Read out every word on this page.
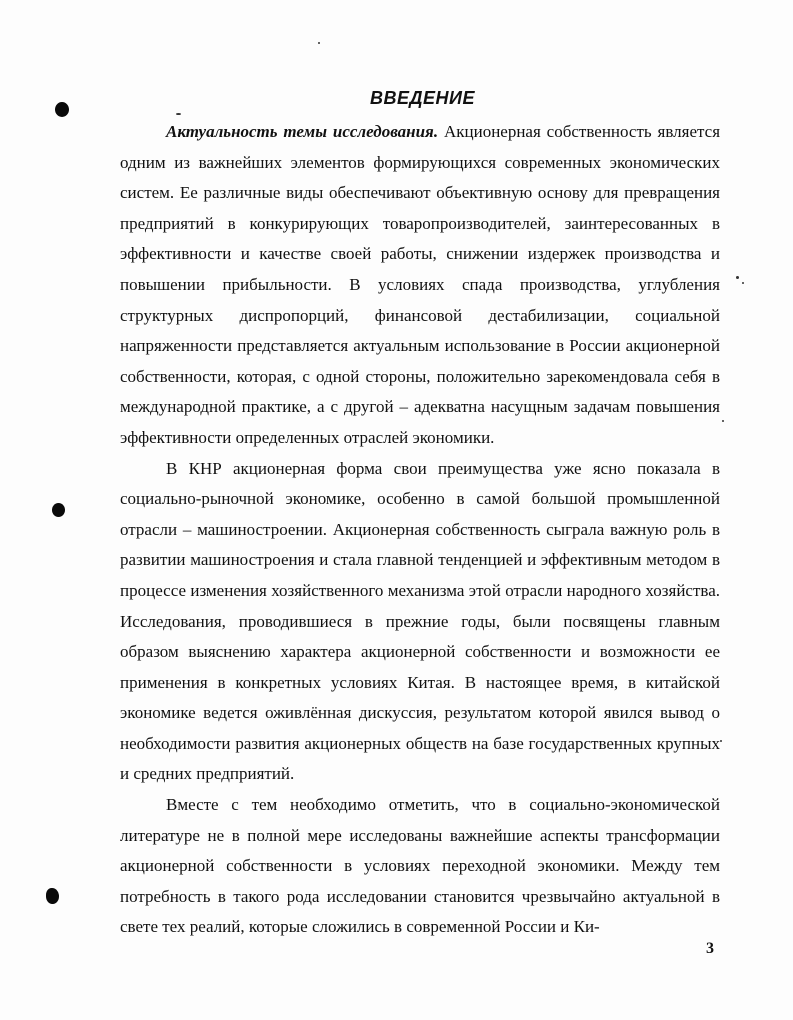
ВВЕДЕНИЕ

Актуальность темы исследования. Акционерная собственность является одним из важнейших элементов формирующихся современных экономических систем. Ее различные виды обеспечивают объективную основу для превращения предприятий в конкурирующих товаропроизводителей, заинтересованных в эффективности и качестве своей работы, снижении издержек производства и повышении прибыльности. В условиях спада производства, углубления структурных диспропорций, финансовой дестабилизации, социальной напряженности представляется актуальным использование в России акционерной собственности, которая, с одной стороны, положительно зарекомендовала себя в международной практике, а с другой – адекватна насущным задачам повышения эффективности определенных отраслей экономики.

В КНР акционерная форма свои преимущества уже ясно показала в социально-рыночной экономике, особенно в самой большой промышленной отрасли – машиностроении. Акционерная собственность сыграла важную роль в развитии машиностроения и стала главной тенденцией и эффективным методом в процессе изменения хозяйственного механизма этой отрасли народного хозяйства. Исследования, проводившиеся в прежние годы, были посвящены главным образом выяснению характера акционерной собственности и возможности ее применения в конкретных условиях Китая. В настоящее время, в китайской экономике ведется оживлённая дискуссия, результатом которой явился вывод о необходимости развития акционерных обществ на базе государственных крупных и средних предприятий.

Вместе с тем необходимо отметить, что в социально-экономической литературе не в полной мере исследованы важнейшие аспекты трансформации акционерной собственности в условиях переходной экономики. Между тем потребность в такого рода исследовании становится чрезвычайно актуальной в свете тех реалий, которые сложились в современной России и Ки-

3
